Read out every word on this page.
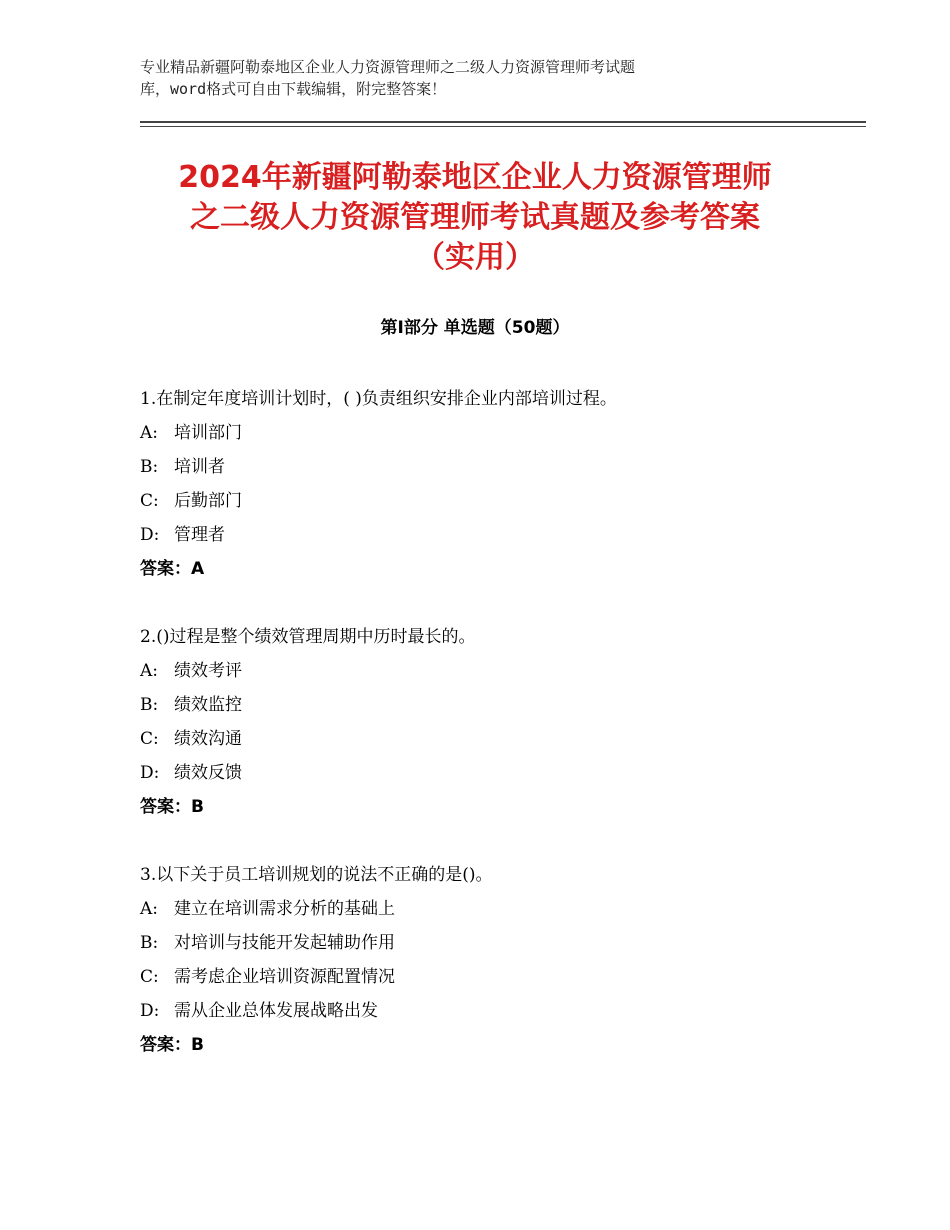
专业精品新疆阿勒泰地区企业人力资源管理师之二级人力资源管理师考试题
库，word格式可自由下载编辑，附完整答案！
2024年新疆阿勒泰地区企业人力资源管理师
之二级人力资源管理师考试真题及参考答案
（实用）
第Ⅰ部分 单选题（50题）
1.在制定年度培训计划时，( )负责组织安排企业内部培训过程。
A: 培训部门
B: 培训者
C: 后勤部门
D: 管理者
答案：A
2.()过程是整个绩效管理周期中历时最长的。
A: 绩效考评
B: 绩效监控
C: 绩效沟通
D: 绩效反馈
答案：B
3.以下关于员工培训规划的说法不正确的是()。
A: 建立在培训需求分析的基础上
B: 对培训与技能开发起辅助作用
C: 需考虑企业培训资源配置情况
D: 需从企业总体发展战略出发
答案：B
